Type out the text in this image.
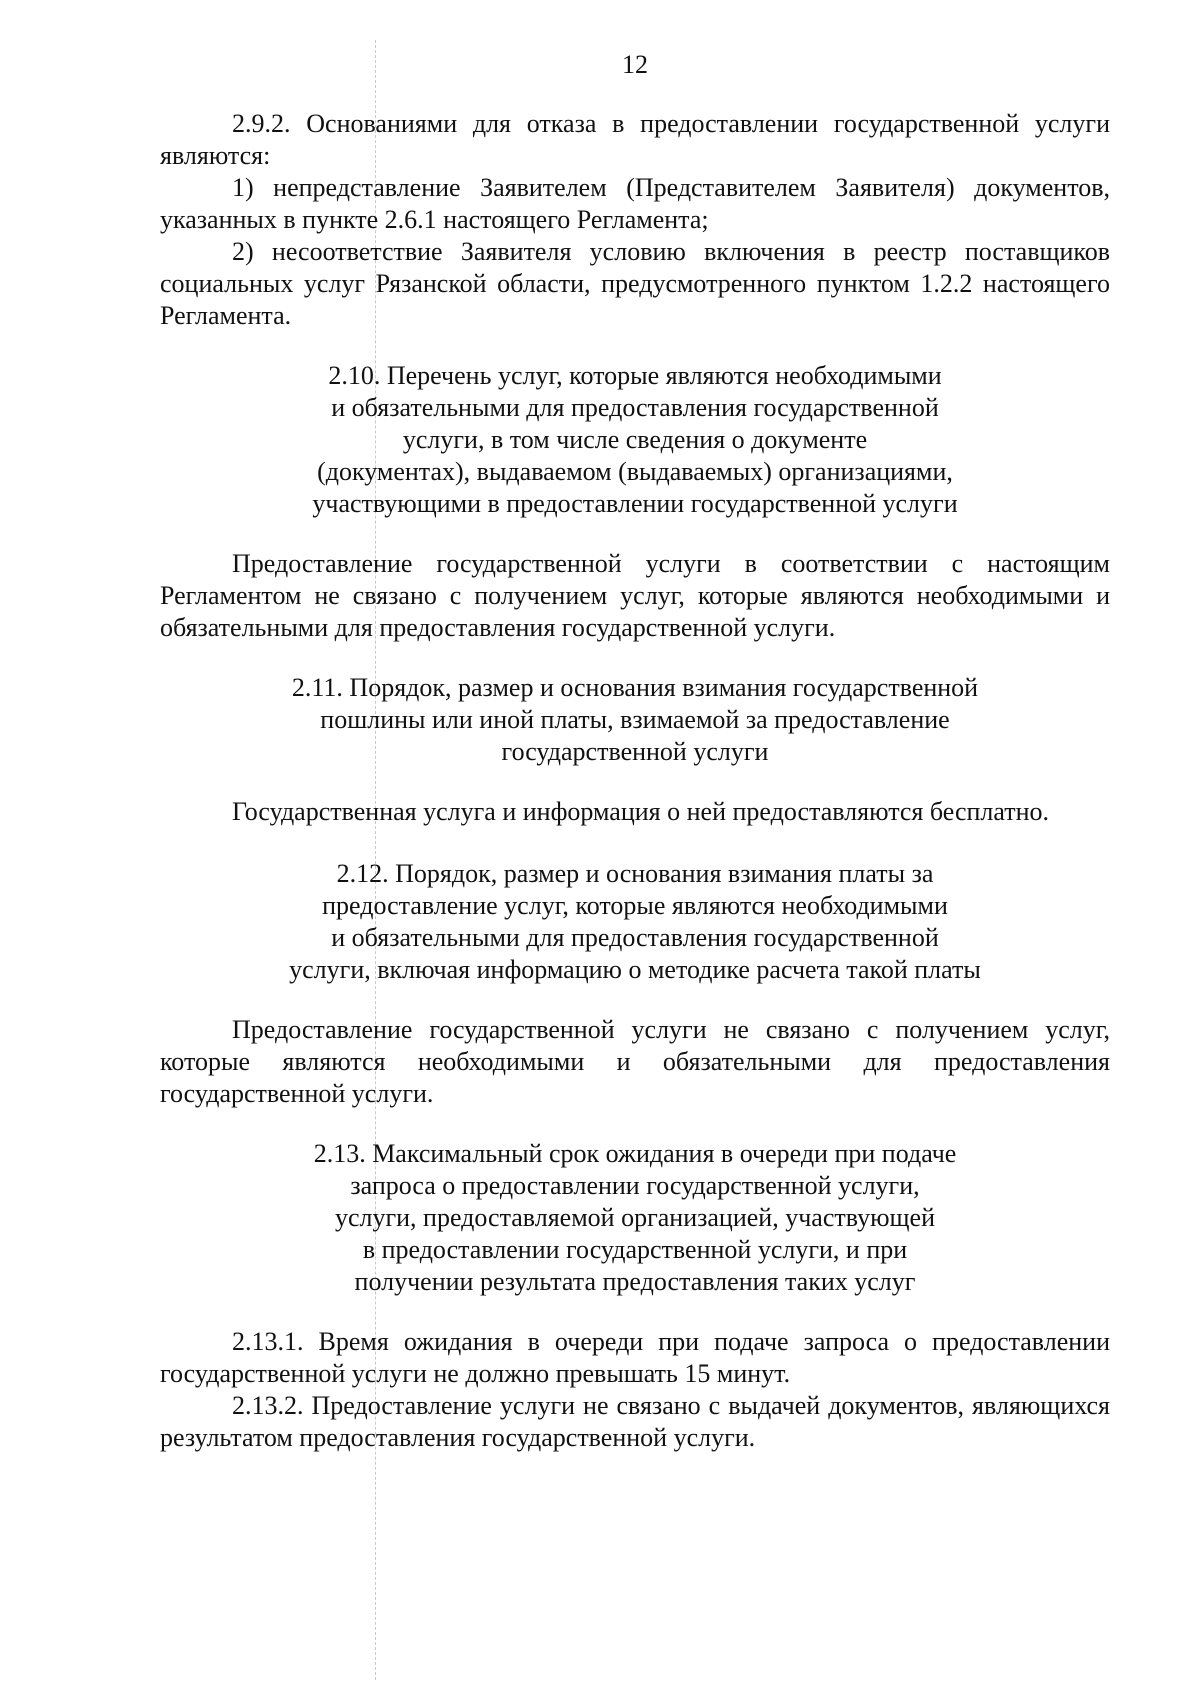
12

2.9.2. Основаниями для отказа в предоставлении государственной услуги являются:

1) непредставление Заявителем (Представителем Заявителя) документов, указанных в пункте 2.6.1 настоящего Регламента;

2) несоответствие Заявителя условию включения в реестр поставщиков социальных услуг Рязанской области, предусмотренного пунктом 1.2.2 настоящего Регламента.

2.10. Перечень услуг, которые являются необходимыми

и обязательными для предоставления государственной

услуги, в том числе сведения о документе

(документах), выдаваемом (выдаваемых) организациями,

участвующими в предоставлении государственной услуги

Предоставление государственной услуги в соответствии с настоящим Регламентом не связано с получением услуг, которые являются необходимыми и обязательными для предоставления государственной услуги.

2.11. Порядок, размер и основания взимания государственной

пошлины или иной платы, взимаемой за предоставление

государственной услуги

Государственная услуга и информация о ней предоставляются бесплатно.

2.12. Порядок, размер и основания взимания платы за

предоставление услуг, которые являются необходимыми

и обязательными для предоставления государственной

услуги, включая информацию о методике расчета такой платы

Предоставление государственной услуги не связано с получением услуг, которые являются необходимыми и обязательными для предоставления государственной услуги.

2.13. Максимальный срок ожидания в очереди при подаче

запроса о предоставлении государственной услуги,

услуги, предоставляемой организацией, участвующей

в предоставлении государственной услуги, и при

получении результата предоставления таких услуг

2.13.1. Время ожидания в очереди при подаче запроса о предоставлении государственной услуги не должно превышать 15 минут.

2.13.2. Предоставление услуги не связано с выдачей документов, являющихся результатом предоставления государственной услуги.
